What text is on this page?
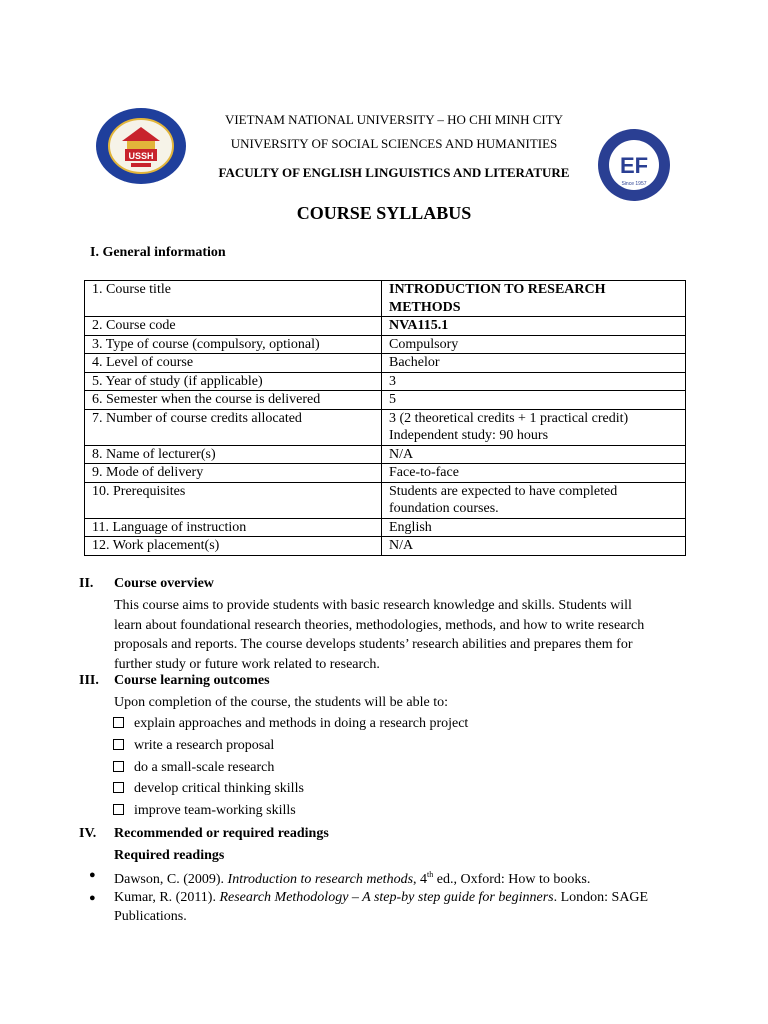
USSH	EF
Since 1957
VIETNAM NATIONAL UNIVERSITY – HO CHI MINH CITY
UNIVERSITY OF SOCIAL SCIENCES AND HUMANITIES
FACULTY OF ENGLISH LINGUISTICS AND LITERATURE
COURSE SYLLABUS
I. General information
1. Course title	INTRODUCTION TO RESEARCH
METHODS

2. Course code	NVA115.1

3. Type of course (compulsory, optional)	Compulsory

4. Level of course	Bachelor

5. Year of study (if applicable)	3

6. Semester when the course is delivered	5

7. Number of course credits allocated	3 (2 theoretical credits + 1 practical credit)
Independent study: 90 hours

8. Name of lecturer(s)	N/A

9. Mode of delivery	Face-to-face

10. Prerequisites	Students are expected to have completed
foundation courses.

11. Language of instruction	English

12. Work placement(s)	N/A
II. Course overview
This course aims to provide students with basic research knowledge and skills. Students will
learn about foundational research theories, methodologies, methods, and how to write research
proposals and reports. The course develops students’ research abilities and prepares them for
further study or future work related to research.
III. Course learning outcomes
Upon completion of the course, the students will be able to:
explain approaches and methods in doing a research project
write a research proposal
do a small-scale research
develop critical thinking skills
improve team-working skills
IV. Recommended or required readings
Required readings
● Dawson, C. (2009). Introduction to research methods, 4th ed., Oxford: How to books.
● Kumar, R. (2011). Research Methodology – A step-by step guide for beginners. London: SAGE
Publications.
